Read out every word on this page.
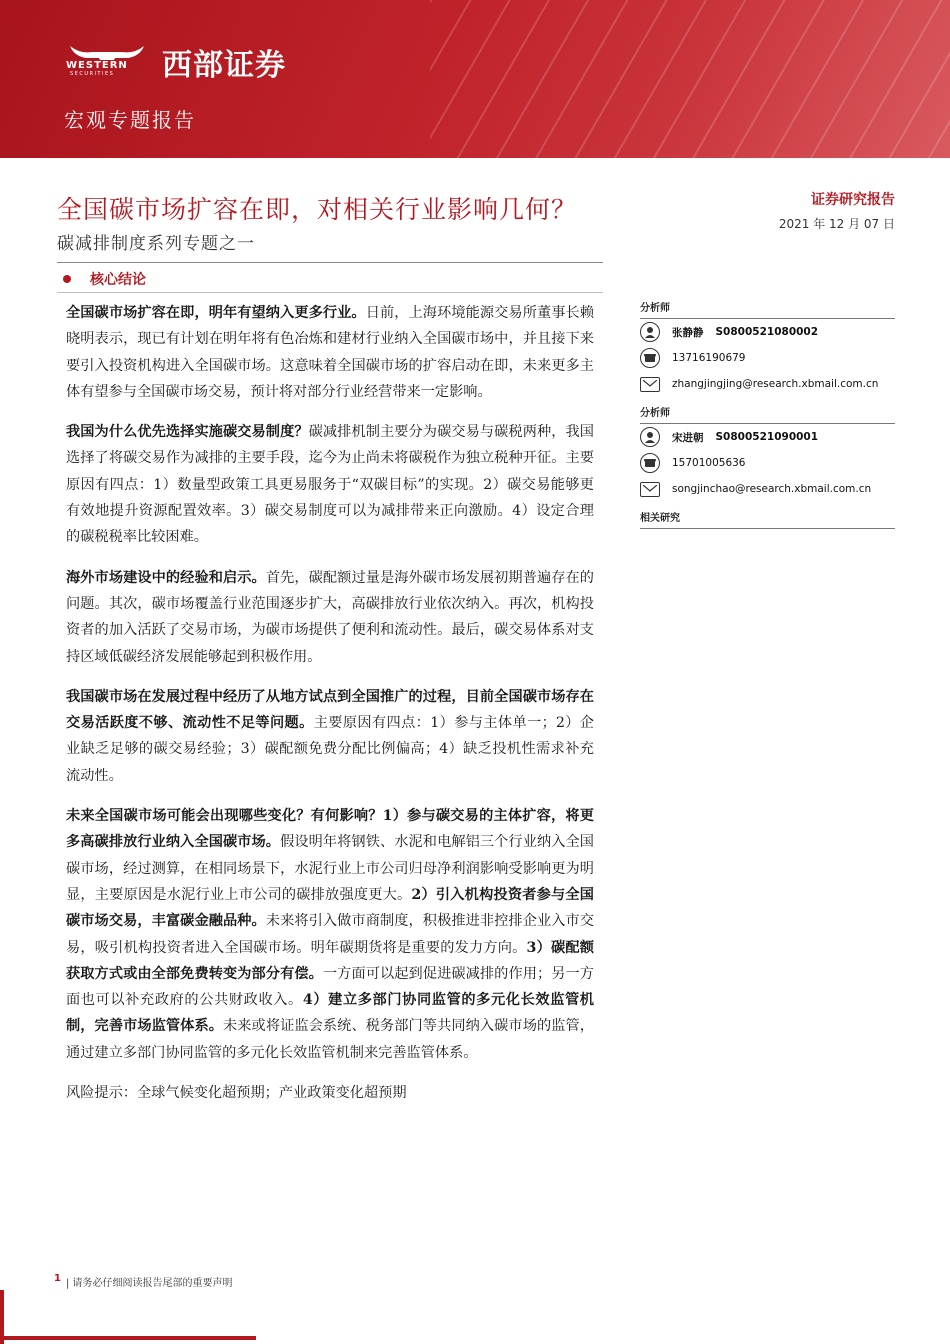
WESTERN
SECURITIES 西部证券
宏观专题报告
全国碳市场扩容在即，对相关行业影响几何？
碳减排制度系列专题之一
证券研究报告
2021 年 12 月 07 日
核心结论

全国碳市场扩容在即，明年有望纳入更多行业。日前，上海环境能源交易所董事长赖晓明表示，现已有计划在明年将有色冶炼和建材行业纳入全国碳市场中，并且接下来要引入投资机构进入全国碳市场。这意味着全国碳市场的扩容启动在即，未来更多主体有望参与全国碳市场交易，预计将对部分行业经营带来一定影响。

我国为什么优先选择实施碳交易制度？碳减排机制主要分为碳交易与碳税两种，我国选择了将碳交易作为减排的主要手段，迄今为止尚未将碳税作为独立税种开征。主要原因有四点：1）数量型政策工具更易服务于“双碳目标”的实现。2）碳交易能够更有效地提升资源配置效率。3）碳交易制度可以为减排带来正向激励。4）设定合理的碳税税率比较困难。

海外市场建设中的经验和启示。首先，碳配额过量是海外碳市场发展初期普遍存在的问题。其次，碳市场覆盖行业范围逐步扩大，高碳排放行业依次纳入。再次，机构投资者的加入活跃了交易市场，为碳市场提供了便利和流动性。最后，碳交易体系对支持区域低碳经济发展能够起到积极作用。

我国碳市场在发展过程中经历了从地方试点到全国推广的过程，目前全国碳市场存在交易活跃度不够、流动性不足等问题。主要原因有四点：1）参与主体单一；2）企业缺乏足够的碳交易经验；3）碳配额免费分配比例偏高；4）缺乏投机性需求补充流动性。

未来全国碳市场可能会出现哪些变化？有何影响？1）参与碳交易的主体扩容，将更多高碳排放行业纳入全国碳市场。假设明年将钢铁、水泥和电解铝三个行业纳入全国碳市场，经过测算，在相同场景下，水泥行业上市公司归母净利润影响受影响更为明显，主要原因是水泥行业上市公司的碳排放强度更大。2）引入机构投资者参与全国碳市场交易，丰富碳金融品种。未来将引入做市商制度，积极推进非控排企业入市交易，吸引机构投资者进入全国碳市场。明年碳期货将是重要的发力方向。3）碳配额获取方式或由全部免费转变为部分有偿。一方面可以起到促进碳减排的作用；另一方面也可以补充政府的公共财政收入。4）建立多部门协同监管的多元化长效监管机制，完善市场监管体系。未来或将证监会系统、税务部门等共同纳入碳市场的监管，通过建立多部门协同监管的多元化长效监管机制来完善监管体系。

风险提示：全球气候变化超预期；产业政策变化超预期
分析师
张静静 S0800521080002
13716190679
zhangjingjing@research.xbmail.com.cn
分析师
宋进朝 S0800521090001
15701005636
songjinchao@research.xbmail.com.cn
相关研究
1 | 请务必仔细阅读报告尾部的重要声明
